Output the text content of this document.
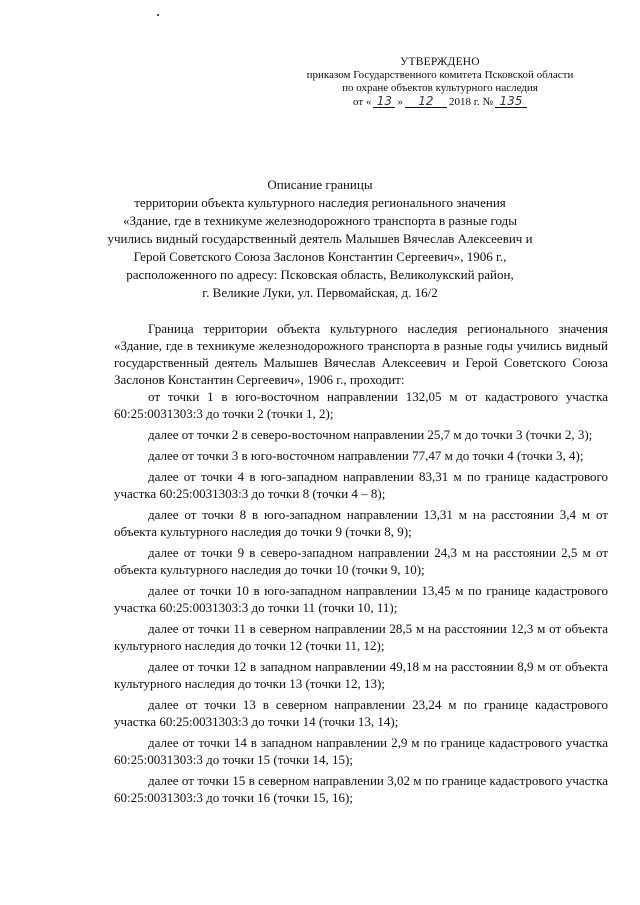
УТВЕРЖДЕНО
приказом Государственного комитета Псковской области
по охране объектов культурного наследия
от « 13 »	12	2018 г. № 135
Описание границы
территории объекта культурного наследия регионального значения
«Здание, где в техникуме железнодорожного транспорта в разные годы
учились видный государственный деятель Малышев Вячеслав Алексеевич и
Герой Советского Союза Заслонов Константин Сергеевич», 1906 г.,
расположенного по адресу: Псковская область, Великолукский район,
г. Великие Луки, ул. Первомайская, д. 16/2

Граница территории объекта культурного наследия регионального значения «Здание, где в техникуме железнодорожного транспорта в разные годы учились видный государственный деятель Малышев Вячеслав Алексеевич и Герой Советского Союза Заслонов Константин Сергеевич», 1906 г., проходит:

от точки 1 в юго-восточном направлении 132,05 м от кадастрового участка 60:25:0031303:3 до точки 2 (точки 1, 2);

далее от точки 2 в северо-восточном направлении 25,7 м до точки 3 (точки 2, 3);

далее от точки 3 в юго-восточном направлении 77,47 м до точки 4 (точки 3, 4);

далее от точки 4 в юго-западном направлении 83,31 м по границе кадастрового участка 60:25:0031303:3 до точки 8 (точки 4 – 8);

далее от точки 8 в юго-западном направлении 13,31 м на расстоянии 3,4 м от объекта культурного наследия до точки 9 (точки 8, 9);

далее от точки 9 в северо-западном направлении 24,3 м на расстоянии 2,5 м от объекта культурного наследия до точки 10 (точки 9, 10);

далее от точки 10 в юго-западном направлении 13,45 м по границе кадастрового участка 60:25:0031303:3 до точки 11 (точки 10, 11);

далее от точки 11 в северном направлении 28,5 м на расстоянии 12,3 м от объекта культурного наследия до точки 12 (точки 11, 12);

далее от точки 12 в западном направлении 49,18 м на расстоянии 8,9 м от объекта культурного наследия до точки 13 (точки 12, 13);

далее от точки 13 в северном направлении 23,24 м по границе кадастрового участка 60:25:0031303:3 до точки 14 (точки 13, 14);

далее от точки 14 в западном направлении 2,9 м по границе кадастрового участка 60:25:0031303:3 до точки 15 (точки 14, 15);

далее от точки 15 в северном направлении 3,02 м по границе кадастрового участка 60:25:0031303:3 до точки 16 (точки 15, 16);
